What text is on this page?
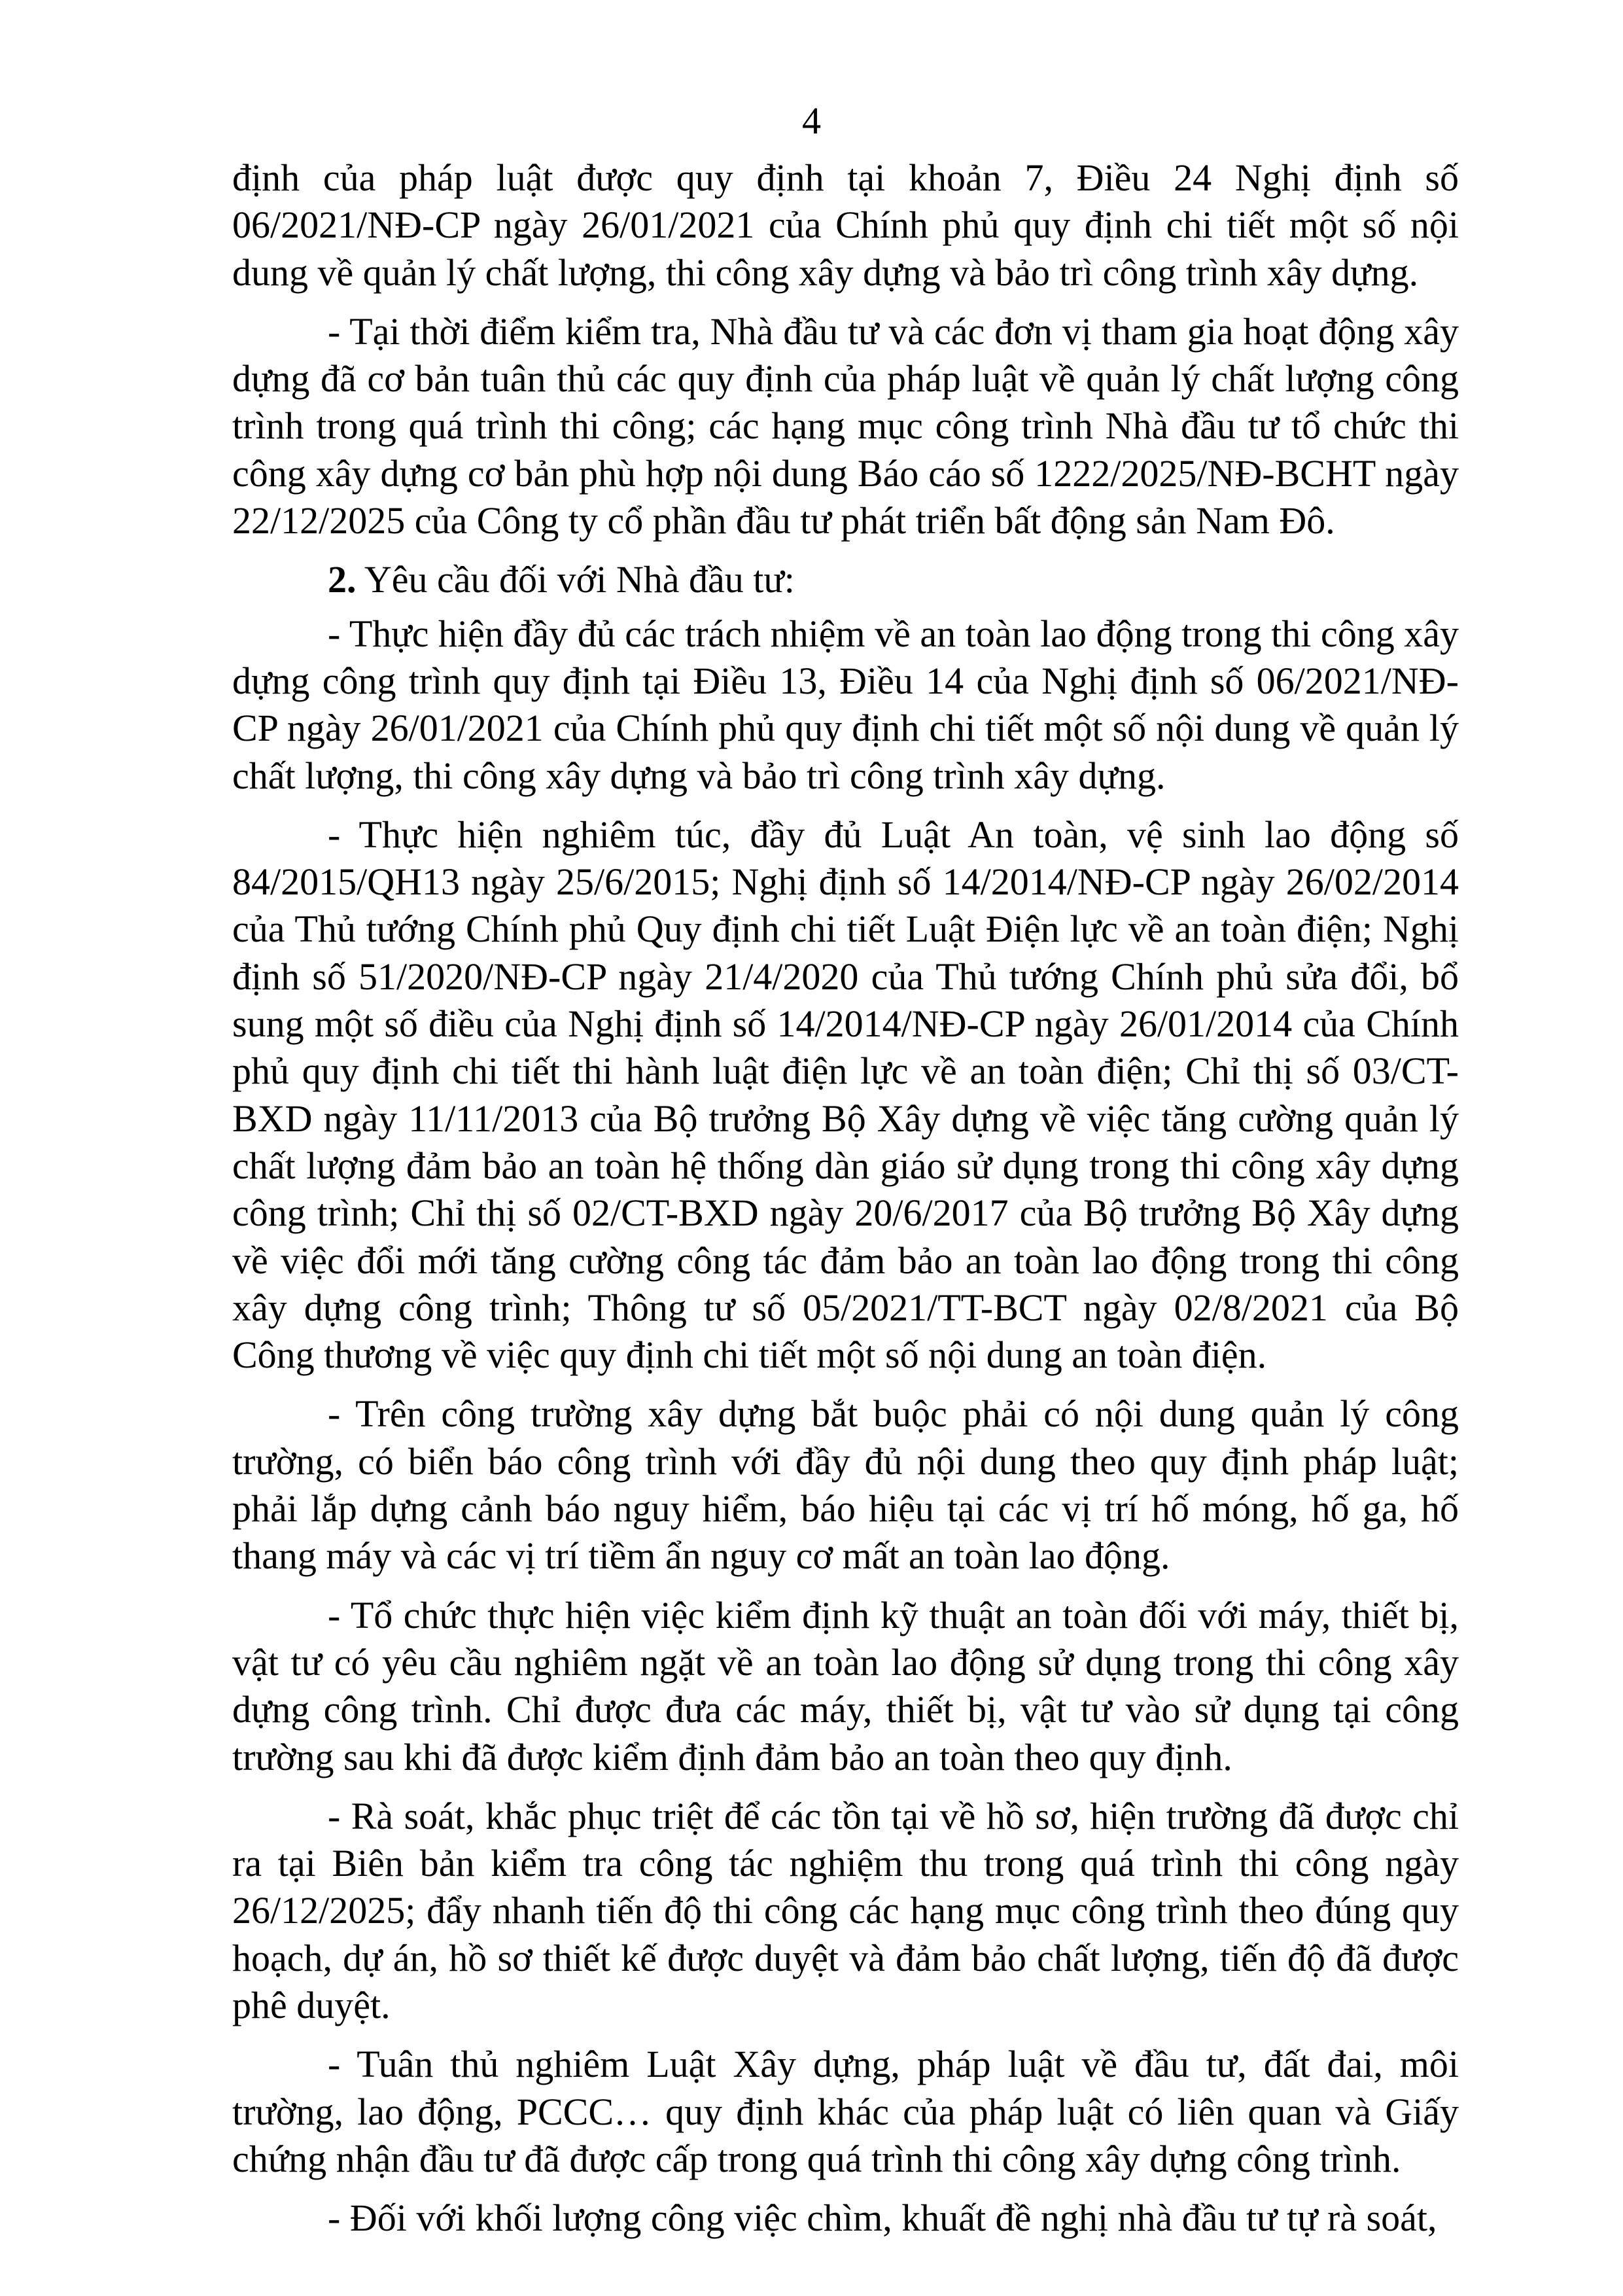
4

định của pháp luật được quy định tại khoản 7, Điều 24 Nghị định số 06/2021/NĐ-CP ngày 26/01/2021 của Chính phủ quy định chi tiết một số nội dung về quản lý chất lượng, thi công xây dựng và bảo trì công trình xây dựng.

- Tại thời điểm kiểm tra, Nhà đầu tư và các đơn vị tham gia hoạt động xây dựng đã cơ bản tuân thủ các quy định của pháp luật về quản lý chất lượng công trình trong quá trình thi công; các hạng mục công trình Nhà đầu tư tổ chức thi công xây dựng cơ bản phù hợp nội dung Báo cáo số 1222/2025/NĐ-BCHT ngày 22/12/2025 của Công ty cổ phần đầu tư phát triển bất động sản Nam Đô.

2. Yêu cầu đối với Nhà đầu tư:

- Thực hiện đầy đủ các trách nhiệm về an toàn lao động trong thi công xây dựng công trình quy định tại Điều 13, Điều 14 của Nghị định số 06/2021/NĐ-CP ngày 26/01/2021 của Chính phủ quy định chi tiết một số nội dung về quản lý chất lượng, thi công xây dựng và bảo trì công trình xây dựng.

- Thực hiện nghiêm túc, đầy đủ Luật An toàn, vệ sinh lao động số 84/2015/QH13 ngày 25/6/2015; Nghị định số 14/2014/NĐ-CP ngày 26/02/2014 của Thủ tướng Chính phủ Quy định chi tiết Luật Điện lực về an toàn điện; Nghị định số 51/2020/NĐ-CP ngày 21/4/2020 của Thủ tướng Chính phủ sửa đổi, bổ sung một số điều của Nghị định số 14/2014/NĐ-CP ngày 26/01/2014 của Chính phủ quy định chi tiết thi hành luật điện lực về an toàn điện; Chỉ thị số 03/CT-BXD ngày 11/11/2013 của Bộ trưởng Bộ Xây dựng về việc tăng cường quản lý chất lượng đảm bảo an toàn hệ thống dàn giáo sử dụng trong thi công xây dựng công trình; Chỉ thị số 02/CT-BXD ngày 20/6/2017 của Bộ trưởng Bộ Xây dựng về việc đổi mới tăng cường công tác đảm bảo an toàn lao động trong thi công xây dựng công trình; Thông tư số 05/2021/TT-BCT ngày 02/8/2021 của Bộ Công thương về việc quy định chi tiết một số nội dung an toàn điện.

- Trên công trường xây dựng bắt buộc phải có nội dung quản lý công trường, có biển báo công trình với đầy đủ nội dung theo quy định pháp luật; phải lắp dựng cảnh báo nguy hiểm, báo hiệu tại các vị trí hố móng, hố ga, hố thang máy và các vị trí tiềm ẩn nguy cơ mất an toàn lao động.

- Tổ chức thực hiện việc kiểm định kỹ thuật an toàn đối với máy, thiết bị, vật tư có yêu cầu nghiêm ngặt về an toàn lao động sử dụng trong thi công xây dựng công trình. Chỉ được đưa các máy, thiết bị, vật tư vào sử dụng tại công trường sau khi đã được kiểm định đảm bảo an toàn theo quy định.

- Rà soát, khắc phục triệt để các tồn tại về hồ sơ, hiện trường đã được chỉ ra tại Biên bản kiểm tra công tác nghiệm thu trong quá trình thi công ngày 26/12/2025; đẩy nhanh tiến độ thi công các hạng mục công trình theo đúng quy hoạch, dự án, hồ sơ thiết kế được duyệt và đảm bảo chất lượng, tiến độ đã được phê duyệt.

- Tuân thủ nghiêm Luật Xây dựng, pháp luật về đầu tư, đất đai, môi trường, lao động, PCCC… quy định khác của pháp luật có liên quan và Giấy chứng nhận đầu tư đã được cấp trong quá trình thi công xây dựng công trình.

- Đối với khối lượng công việc chìm, khuất đề nghị nhà đầu tư tự rà soát,
